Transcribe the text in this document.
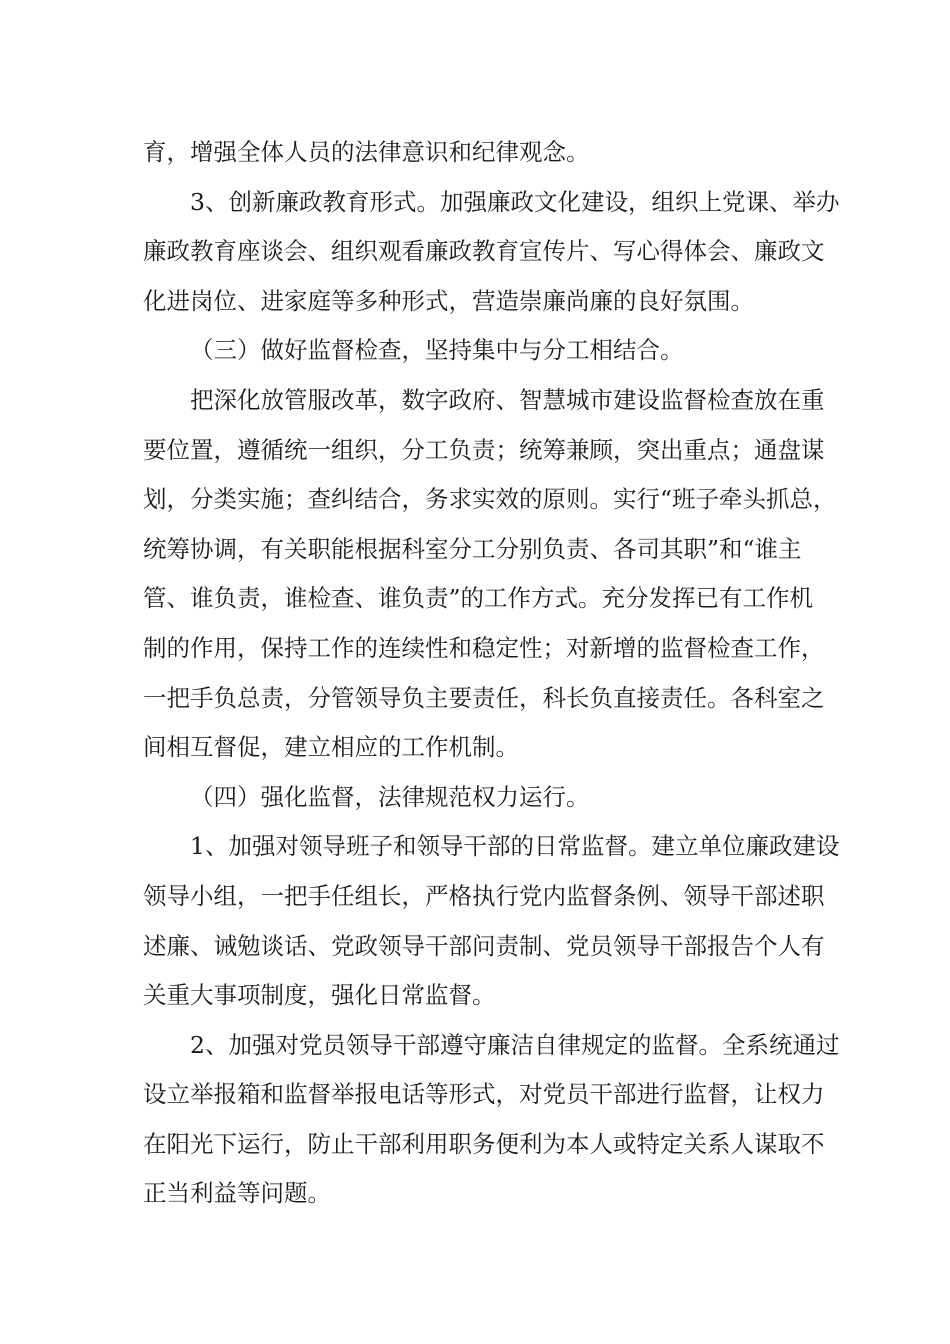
育，增强全体人员的法律意识和纪律观念。
3、创新廉政教育形式。加强廉政文化建设，组织上党课、举办
廉政教育座谈会、组织观看廉政教育宣传片、写心得体会、廉政文
化进岗位、进家庭等多种形式，营造崇廉尚廉的良好氛围。
（三）做好监督检查，坚持集中与分工相结合。
把深化放管服改革，数字政府、智慧城市建设监督检查放在重
要位置，遵循统一组织，分工负责；统筹兼顾，突出重点；通盘谋
划，分类实施；查纠结合，务求实效的原则。实行“班子牵头抓总，
统筹协调，有关职能根据科室分工分别负责、各司其职”和“谁主
管、谁负责，谁检查、谁负责”的工作方式。充分发挥已有工作机
制的作用，保持工作的连续性和稳定性；对新增的监督检查工作，
一把手负总责，分管领导负主要责任，科长负直接责任。各科室之
间相互督促，建立相应的工作机制。
（四）强化监督，法律规范权力运行。
1、加强对领导班子和领导干部的日常监督。建立单位廉政建设
领导小组，一把手任组长，严格执行党内监督条例、领导干部述职
述廉、诫勉谈话、党政领导干部问责制、党员领导干部报告个人有
关重大事项制度，强化日常监督。
2、加强对党员领导干部遵守廉洁自律规定的监督。全系统通过
设立举报箱和监督举报电话等形式，对党员干部进行监督，让权力
在阳光下运行，防止干部利用职务便利为本人或特定关系人谋取不
正当利益等问题。
